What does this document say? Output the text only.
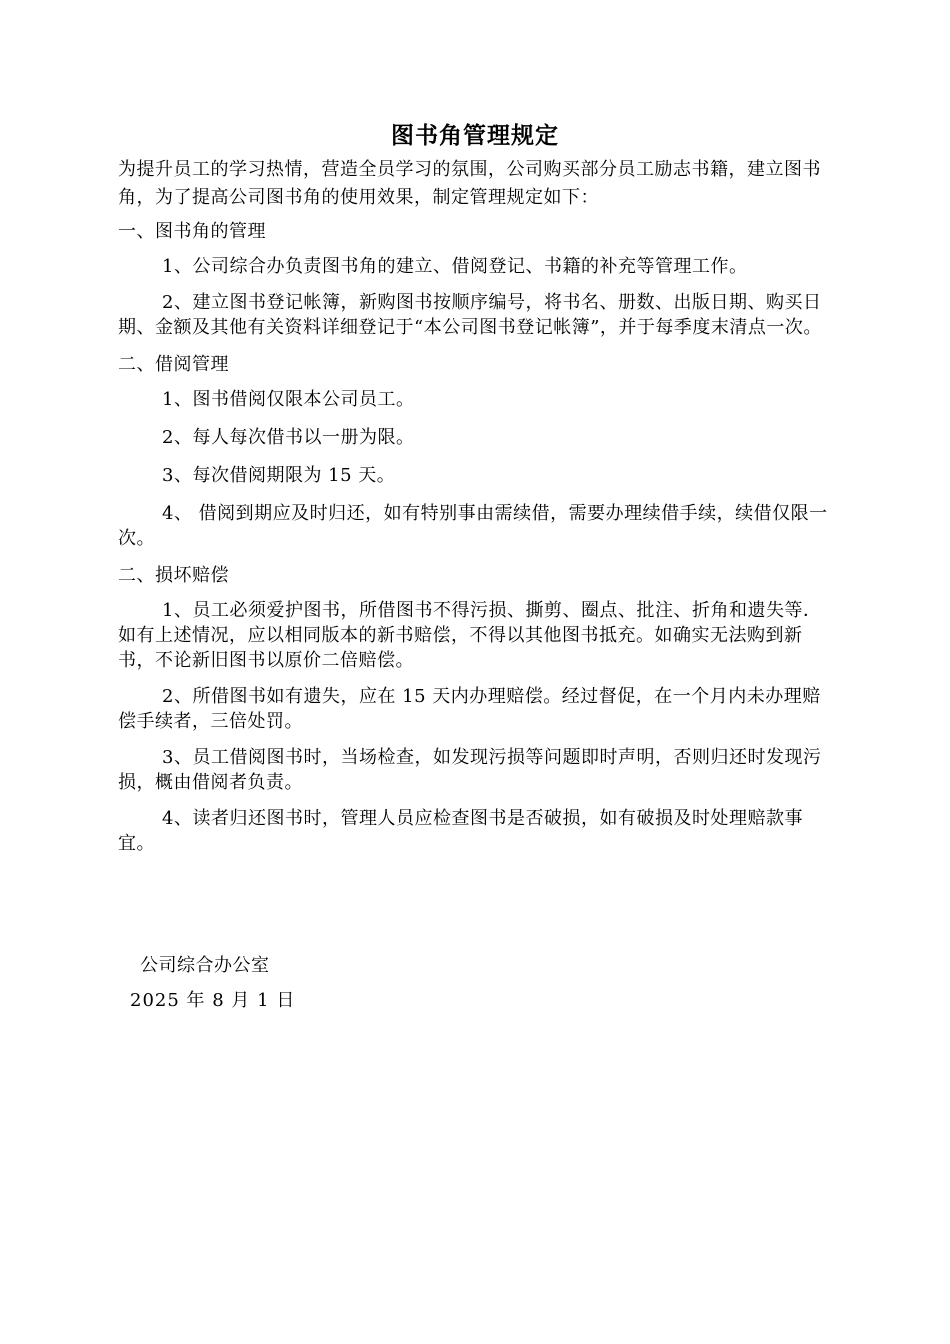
图书角管理规定

为提升员工的学习热情，营造全员学习的氛围，公司购买部分员工励志书籍，建立图书角，为了提高公司图书角的使用效果，制定管理规定如下：

一、图书角的管理

1、公司综合办负责图书角的建立、借阅登记、书籍的补充等管理工作。

2、建立图书登记帐簿，新购图书按顺序编号，将书名、册数、出版日期、购买日期、金额及其他有关资料详细登记于“本公司图书登记帐簿”，并于每季度末清点一次。

二、借阅管理

1、图书借阅仅限本公司员工。

2、每人每次借书以一册为限。

3、每次借阅期限为 15 天。

4、 借阅到期应及时归还，如有特别事由需续借，需要办理续借手续，续借仅限一次。

二、损坏赔偿

1、员工必须爱护图书，所借图书不得污损、撕剪、圈点、批注、折角和遗失等．如有上述情况，应以相同版本的新书赔偿，不得以其他图书抵充。如确实无法购到新书，不论新旧图书以原价二倍赔偿。

2、所借图书如有遗失，应在 15 天内办理赔偿。经过督促，在一个月内未办理赔偿手续者，三倍处罚。

3、员工借阅图书时，当场检查，如发现污损等问题即时声明，否则归还时发现污损，概由借阅者负责。

4、读者归还图书时，管理人员应检查图书是否破损，如有破损及时处理赔款事宜。

公司综合办公室
2025 年 8 月 1 日
